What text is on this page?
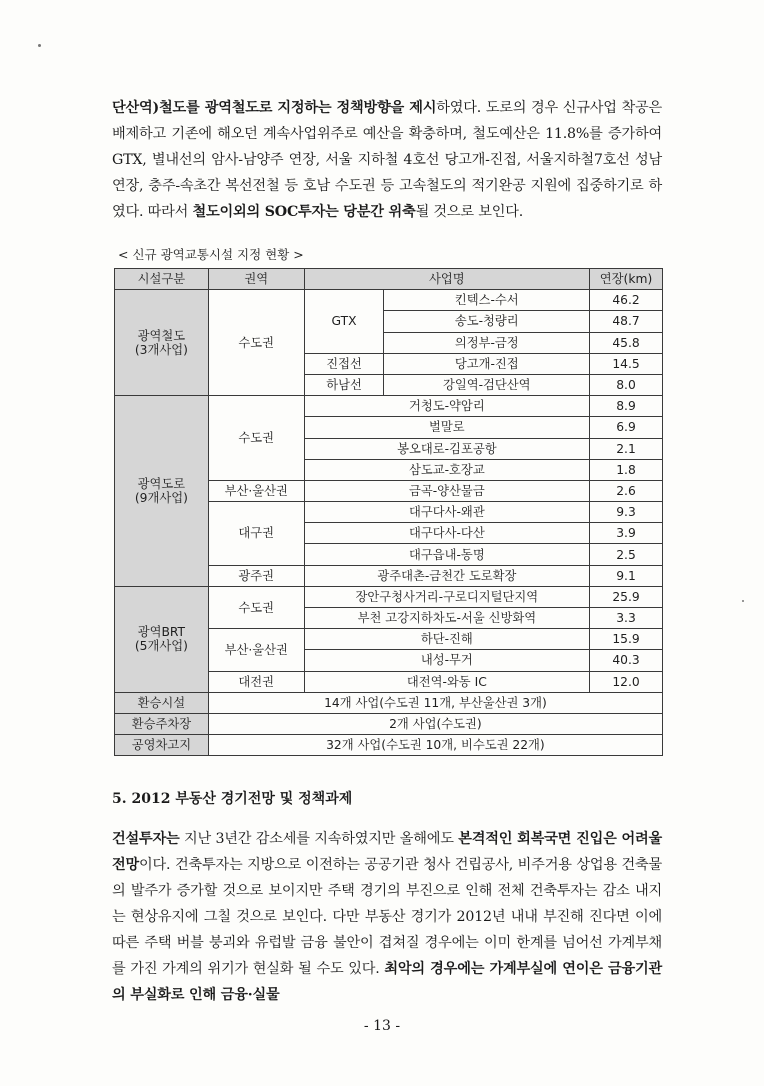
단산역)철도를 광역철도로 지정하는 정책방향을 제시하였다. 도로의 경우 신규사업 착공은 배제하고 기존에 해오던 계속사업위주로 예산을 확충하며, 철도예산은 11.8%를 증가하여 GTX, 별내선의 암사-남양주 연장, 서울 지하철 4호선 당고개-진접, 서울지하철7호선 성남연장, 충주-속초간 복선전철 등 호남 수도권 등 고속철도의 적기완공 지원에 집중하기로 하였다. 따라서 철도이외의 SOC투자는 당분간 위축될 것으로 보인다.

< 신규 광역교통시설 지정 현황 >
시설구분	권역	사업명		연장(km)
광역철도
(3개사업)	수도권	GTX	킨텍스-수서	46.2
			송도-청량리	48.7
			의정부-금정	45.8
		진접선	당고개-진접	14.5
		하남선	강일역-검단산역	8.0
광역도로
(9개사업)	수도권	거청도-약암리		8.9
		벌말로		6.9
		봉오대로-김포공항		2.1
		삼도교-호장교		1.8
	부산·울산권	금곡-양산물금		2.6
	대구권	대구다사-왜관		9.3
		대구다사-다산		3.9
		대구읍내-동명		2.5
	광주권	광주대촌-금천간 도로확장		9.1
광역BRT
(5개사업)	수도권	장안구청사거리-구로디지털단지역		25.9
		부천 고강지하차도-서울 신방화역		3.3
	부산·울산권	하단-진해		15.9
		내성-무거		40.3
	대전권	대전역-와동 IC		12.0
환승시설	14개 사업(수도권 11개, 부산울산권 3개)			
환승주차장	2개 사업(수도권)			
공영차고지	32개 사업(수도권 10개, 비수도권 22개)			
5. 2012 부동산 경기전망 및 정책과제

건설투자는 지난 3년간 감소세를 지속하였지만 올해에도 본격적인 회복국면 진입은 어려울 전망이다. 건축투자는 지방으로 이전하는 공공기관 청사 건립공사, 비주거용 상업용 건축물의 발주가 증가할 것으로 보이지만 주택 경기의 부진으로 인해 전체 건축투자는 감소 내지는 현상유지에 그칠 것으로 보인다. 다만 부동산 경기가 2012년 내내 부진해 진다면 이에 따른 주택 버블 붕괴와 유럽발 금융 불안이 겹쳐질 경우에는 이미 한계를 넘어선 가계부채를 가진 가계의 위기가 현실화 될 수도 있다. 최악의 경우에는 가계부실에 연이은 금융기관의 부실화로 인해 금융·실물

- 13 -
